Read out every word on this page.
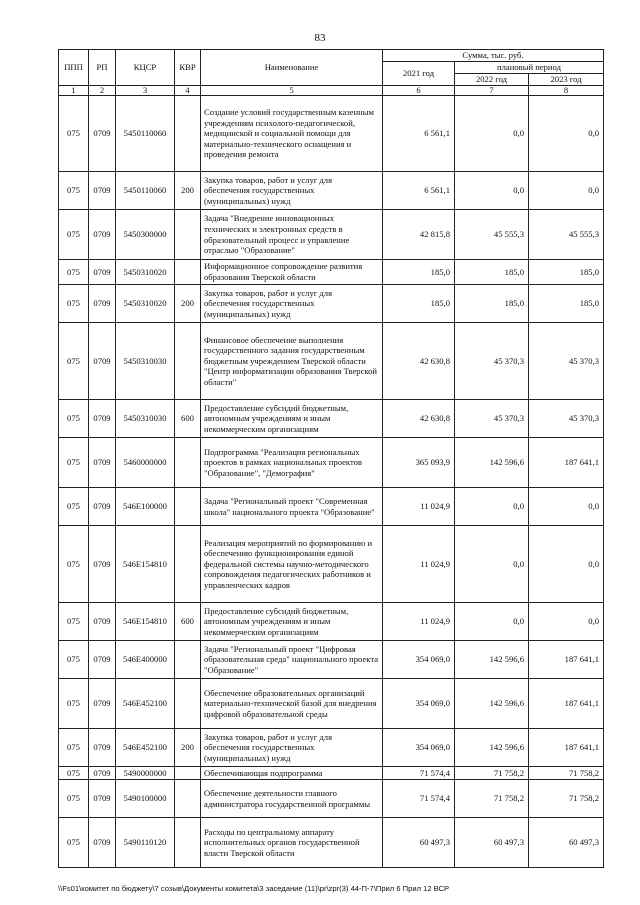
83
ППП	РП	КЦСР	КВР	Наименование	Сумма, тыс. руб.		
					2021 год	плановый период	
						2022 год	2023 год
1	2	3	4	5	6	7	8
075	0709	5450110060		Создание условий государственным казенным учреждениям психолого-педагогической, медицинской и социальной помощи для материально-технического оснащения и проведения ремонта	6 561,1	0,0	0,0
075	0709	5450110060	200	Закупка товаров, работ и услуг для обеспечения государственных (муниципальных) нужд	6 561,1	0,0	0,0
075	0709	5450300000		Задача "Внедрение инновационных технических и электронных средств в образовательный процесс и управление отраслью "Образование"	42 815,8	45 555,3	45 555,3
075	0709	5450310020		Информационное сопровождение развития образования Тверской области	185,0	185,0	185,0
075	0709	5450310020	200	Закупка товаров, работ и услуг для обеспечения государственных (муниципальных) нужд	185,0	185,0	185,0
075	0709	5450310030		Финансовое обеспечение выполнения государственного задания государственным бюджетным учреждением Тверской области "Центр информатизации образования Тверской области"	42 630,8	45 370,3	45 370,3
075	0709	5450310030	600	Предоставление субсидий бюджетным, автономным учреждениям и иным некоммерческим организациям	42 630,8	45 370,3	45 370,3
075	0709	5460000000		Подпрограмма "Реализация региональных проектов в рамках национальных проектов "Образование", "Демография"	365 093,9	142 596,6	187 641,1
075	0709	546E100000		Задача "Региональный проект "Современная школа" национального проекта "Образование"	11 024,9	0,0	0,0
075	0709	546E154810		Реализация мероприятий по формированию и обеспечению функционирования единой федеральной системы научно-методического сопровождения педагогических работников и управленческих кадров	11 024,9	0,0	0,0
075	0709	546E154810	600	Предоставление субсидий бюджетным, автономным учреждениям и иным некоммерческим организациям	11 024,9	0,0	0,0
075	0709	546E400000		Задача "Региональный проект "Цифровая образовательная среда" национального проекта "Образование"	354 069,0	142 596,6	187 641,1
075	0709	546E452100		Обеспечение образовательных организаций материально-технической базой для внедрения цифровой образовательной среды	354 069,0	142 596,6	187 641,1
075	0709	546E452100	200	Закупка товаров, работ и услуг для обеспечения государственных (муниципальных) нужд	354 069,0	142 596,6	187 641,1
075	0709	5490000000		Обеспечивающая подпрограмма	71 574,4	71 758,2	71 758,2
075	0709	5490100000		Обеспечение деятельности главного администратора государственной программы	71 574,4	71 758,2	71 758,2
075	0709	5490110120		Расходы по центральному аппарату исполнительных органов государственной власти Тверской области	60 497,3	60 497,3	60 497,3
\\Fs01\комитет по бюджету\7 созыв\Документы комитета\3 заседание (11)\pr\zpr(3) 44-П-7\Прил 6 Прил 12 ВСР
